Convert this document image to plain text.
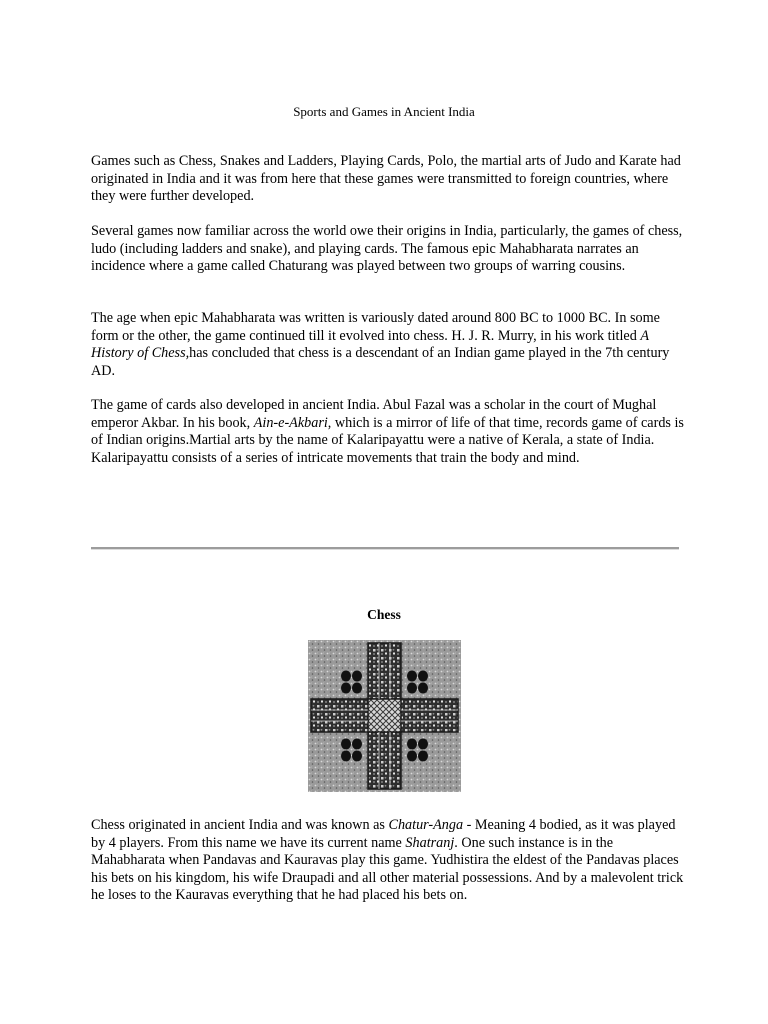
Sports and Games in Ancient India

Games such as Chess, Snakes and Ladders, Playing Cards, Polo, the martial arts of Judo and Karate had originated in India and it was from here that these games were transmitted to foreign countries, where they were further developed.

Several games now familiar across the world owe their origins in India, particularly, the games of chess, ludo (including ladders and snake), and playing cards. The famous epic Mahabharata narrates an incidence where a game called Chaturang was played between two groups of warring cousins.

The age when epic Mahabharata was written is variously dated around 800 BC to 1000 BC. In some form or the other, the game continued till it evolved into chess. H. J. R. Murry, in his work titled A History of Chess,has concluded that chess is a descendant of an Indian game played in the 7th century AD.

The game of cards also developed in ancient India. Abul Fazal was a scholar in the court of Mughal emperor Akbar. In his book, Ain-e-Akbari, which is a mirror of life of that time, records game of cards is of Indian origins.Martial arts by the name of Kalaripayattu were a native of Kerala, a state of India. Kalaripayattu consists of a series of intricate movements that train the body and mind.

Chess

Chess originated in ancient India and was known as Chatur-Anga - Meaning 4 bodied, as it was played by 4 players. From this name we have its current name Shatranj. One such instance is in the Mahabharata when Pandavas and Kauravas play this game. Yudhistira the eldest of the Pandavas places his bets on his kingdom, his wife Draupadi and all other material possessions. And by a malevolent trick he loses to the Kauravas everything that he had placed his bets on.
